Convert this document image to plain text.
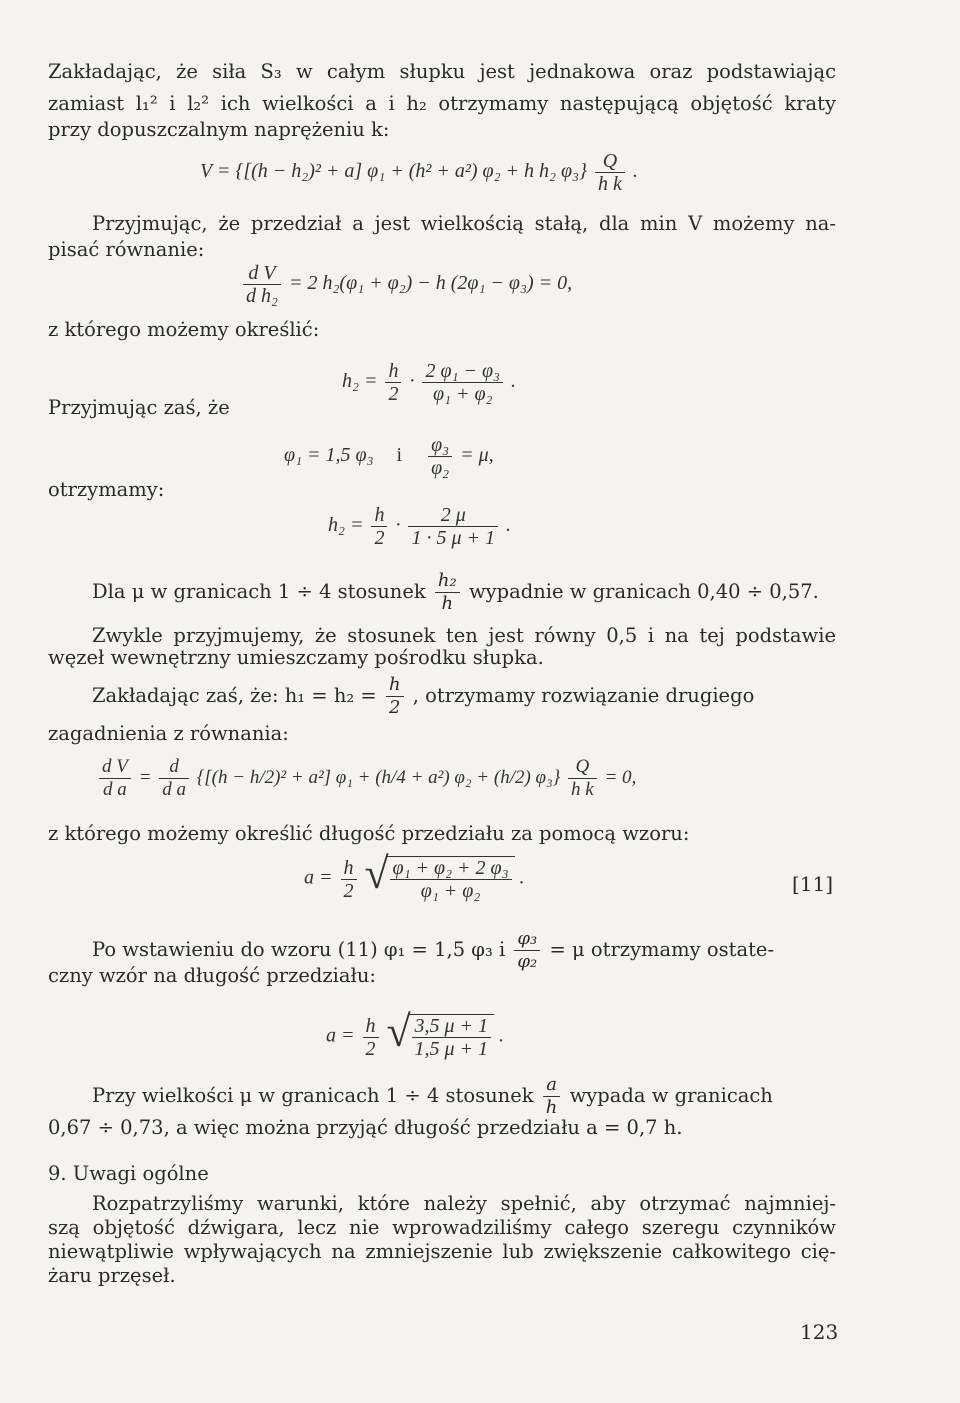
Zakładając, że siła S₃ w całym słupku jest jednakowa oraz podstawiając
zamiast l₁² i l₂² ich wielkości a i h₂ otrzymamy następującą objętość kraty
przy dopuszczalnym naprężeniu k:
V = {[(h − h₂)² + a] φ₁ + (h² + a²) φ₂ + h h₂ $\varphi_3\} \frac{Q}{\text{h k}}$ .
Przyjmując, że przedział a jest wielkością stałą, dla min V możemy na-
pisać równanie:
$\frac{\text{d V}}{\text{d h₂}} = 2$ h₂(φ₁ + φ₂) − h (2φ₁ − φ₃) = 0,
z którego możemy określić:
$h_2 = \frac{h}{2} \cdot \frac{\text{2 φ₁ − φ₃}}{\text{φ₁ + φ₂}}$ .
Przyjmując zaś, że
φ₁ = 1,5 φ₃ i $\frac{\text{φ₃}}{\text{φ₂}} = \mu$,
otrzymamy:
$h_2 = \frac{h}{2} \cdot \frac{2 \mu}{1 \cdot 5 \mu + 1}$ .
Dla μ w granicach 1 ÷ 4 stosunek $\frac{\text{h₂}}{h}$ wypadnie w granicach 0,40 ÷ 0,57.
Zwykle przyjmujemy, że stosunek ten jest równy 0,5 i na tej podstawie
węzeł wewnętrzny umieszczamy pośrodku słupka.
Zakładając zaś, że: $h_1 = h_2 = \frac{h}{2}$ , otrzymamy rozwiązanie drugiego
zagadnienia z równania:
$\frac{\text{d V}}{\text{d a}} = \frac{d}{\text{d a}} \{[(h - h/2)^2 + a^2] \varphi_1 + (h/4 + a^2) \varphi_2 + (h/2)$ $\varphi_3\} \frac{Q}{\text{h k}} = 0$,
z którego możemy określić długość przedziału za pomocą wzoru:
$a = \frac{h}{2}$
√ $\frac{\text{φ₁ + φ₂ + 2 φ₃}}{\text{φ₁ + φ₂}}$ .	[11]
Po wstawieniu do wzoru (11) φ₁ = 1,5 φ₃ i $\frac{\text{φ₃}}{\text{φ₂}} = \mu$ otrzymamy ostate-
czny wzór na długość przedziału:
$a = \frac{h}{2}$
√ $\frac{3,5 \mu + 1}{1,5 \mu + 1}$ .
Przy wielkości μ w granicach 1 ÷ 4 stosunek $\frac{a}{h}$ wypada w granicach
0,67 ÷ 0,73, a więc można przyjąć długość przedziału a = 0,7 h.
9. Uwagi ogólne
Rozpatrzyliśmy warunki, które należy spełnić, aby otrzymać najmniej-
szą objętość dźwigara, lecz nie wprowadziliśmy całego szeregu czynników
niewątpliwie wpływających na zmniejszenie lub zwiększenie całkowitego cię-
żaru przęseł.
123
